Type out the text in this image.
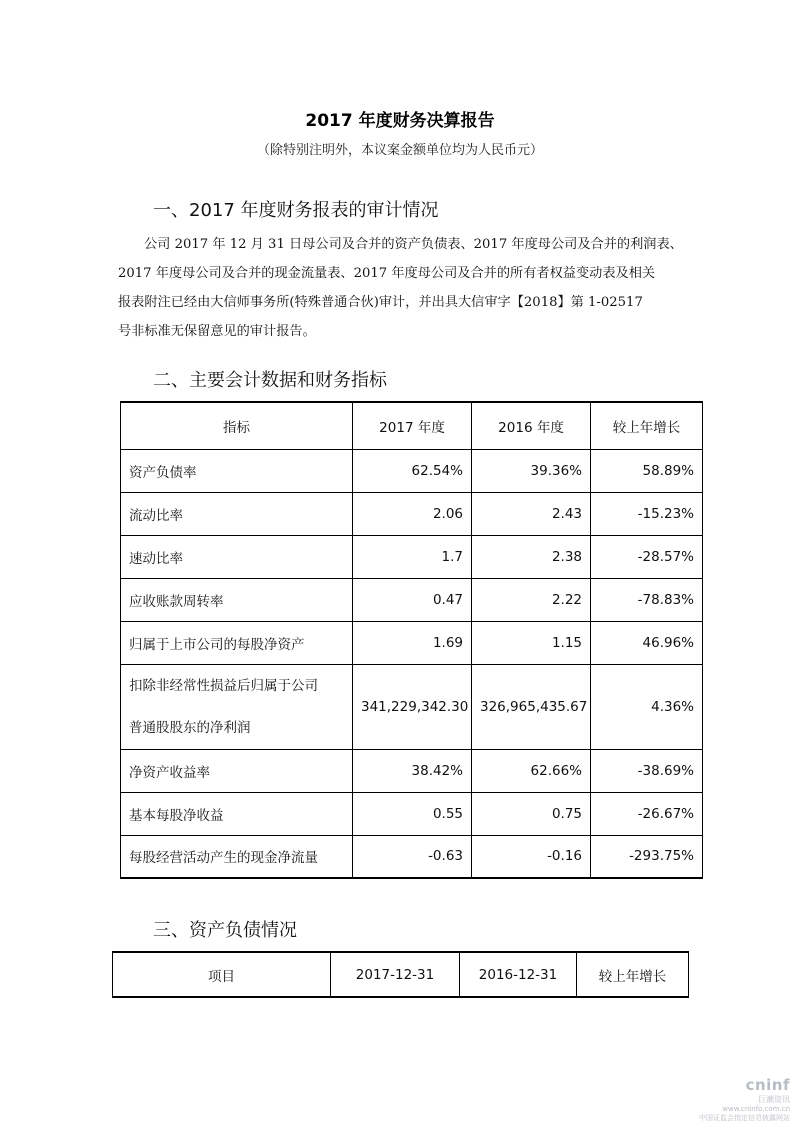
2017 年度财务决算报告
（除特别注明外，本议案金额单位均为人民币元）
一、2017 年度财务报表的审计情况

公司 2017 年 12 月 31 日母公司及合并的资产负债表、2017 年度母公司及合并的利润表、

2017 年度母公司及合并的现金流量表、2017 年度母公司及合并的所有者权益变动表及相关

报表附注已经由大信师事务所(特殊普通合伙)审计，并出具大信审字【2018】第 1-02517

号非标准无保留意见的审计报告。

二、主要会计数据和财务指标
指标	2017 年度	2016 年度	较上年增长
资产负债率	62.54%	39.36%	58.89%
流动比率	2.06	2.43	-15.23%
速动比率	1.7	2.38	-28.57%
应收账款周转率	0.47	2.22	-78.83%
归属于上市公司的每股净资产	1.69	1.15	46.96%

扣除非经常性损益后归属于公司
普通股股东的净利润	341,229,342.30	326,965,435.67	4.36%
净资产收益率	38.42%	62.66%	-38.69%
基本每股净收益	0.55	0.75	-26.67%
每股经营活动产生的现金净流量	-0.63	-0.16	-293.75%
三、资产负债情况
项目	2017-12-31	2016-12-31	较上年增长
cninf
巨潮资讯
www.cninfo.com.cn
中国证监会指定信息披露网站
